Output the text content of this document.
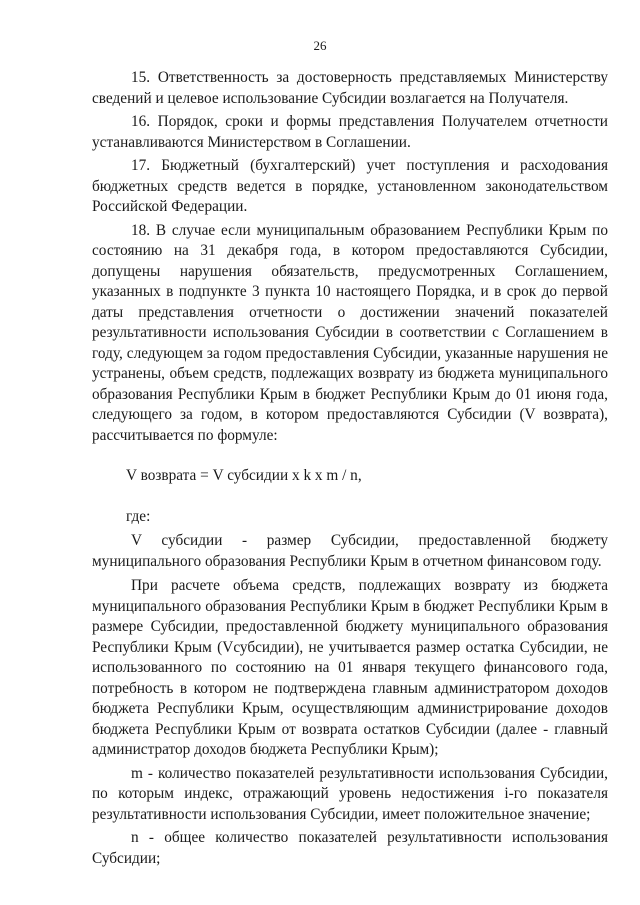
26

15. Ответственность за достоверность представляемых Министерству сведений и целевое использование Субсидии возлагается на Получателя.

16. Порядок, сроки и формы представления Получателем отчетности устанавливаются Министерством в Соглашении.

17. Бюджетный (бухгалтерский) учет поступления и расходования бюджетных средств ведется в порядке, установленном законодательством Российской Федерации.

18. В случае если муниципальным образованием Республики Крым по состоянию на 31 декабря года, в котором предоставляются Субсидии, допущены нарушения обязательств, предусмотренных Соглашением, указанных в подпункте 3 пункта 10 настоящего Порядка, и в срок до первой даты представления отчетности о достижении значений показателей результативности использования Субсидии в соответствии с Соглашением в году, следующем за годом предоставления Субсидии, указанные нарушения не устранены, объем средств, подлежащих возврату из бюджета муниципального образования Республики Крым в бюджет Республики Крым до 01 июня года, следующего за годом, в котором предоставляются Субсидии (V возврата), рассчитывается по формуле:

V возврата = V субсидии x k x m / n,

где:

V субсидии - размер Субсидии, предоставленной бюджету муниципального образования Республики Крым в отчетном финансовом году.

При расчете объема средств, подлежащих возврату из бюджета муниципального образования Республики Крым в бюджет Республики Крым в размере Субсидии, предоставленной бюджету муниципального образования Республики Крым (Vсубсидии), не учитывается размер остатка Субсидии, не использованного по состоянию на 01 января текущего финансового года, потребность в котором не подтверждена главным администратором доходов бюджета Республики Крым, осуществляющим администрирование доходов бюджета Республики Крым от возврата остатков Субсидии (далее - главный администратор доходов бюджета Республики Крым);

m - количество показателей результативности использования Субсидии, по которым индекс, отражающий уровень недостижения i-го показателя результативности использования Субсидии, имеет положительное значение;

n - общее количество показателей результативности использования Субсидии;
